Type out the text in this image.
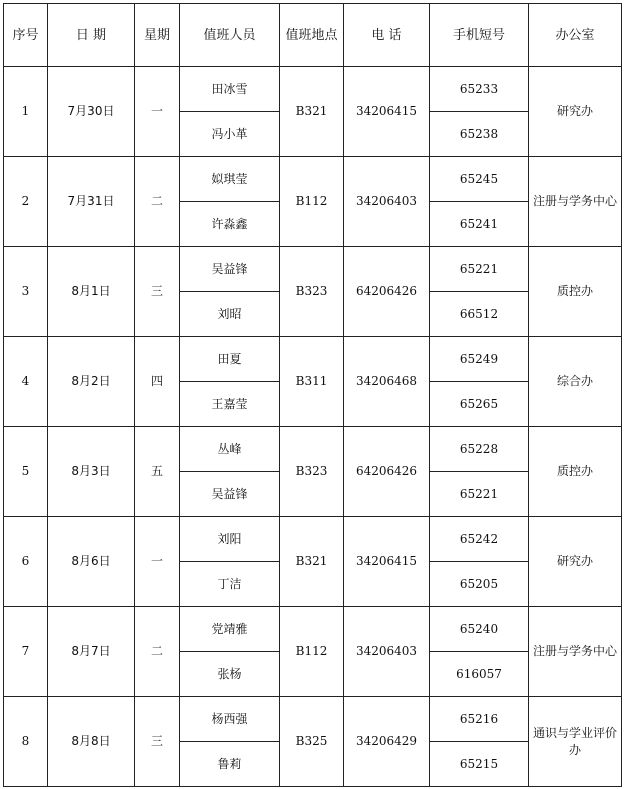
序号	日 期	星期	值班人员	值班地点	电 话	手机短号	办公室
1	7月30日	一	田冰雪	B321	34206415	65233	研究办
			冯小革			65238	
2	7月31日	二	姒琪莹	B112	34206403	65245	注册与学务中心
			许淼鑫			65241	
3	8月1日	三	吴益锋	B323	64206426	65221	质控办
			刘昭			66512	
4	8月2日	四	田夏	B311	34206468	65249	综合办
			王嘉莹			65265	
5	8月3日	五	丛峰	B323	64206426	65228	质控办
			吴益锋			65221	
6	8月6日	一	刘阳	B321	34206415	65242	研究办
			丁洁			65205	
7	8月7日	二	党靖雅	B112	34206403	65240	注册与学务中心
			张杨			616057	
8	8月8日	三	杨西强	B325	34206429	65216	通识与学业评价办
			鲁莉			65215	
